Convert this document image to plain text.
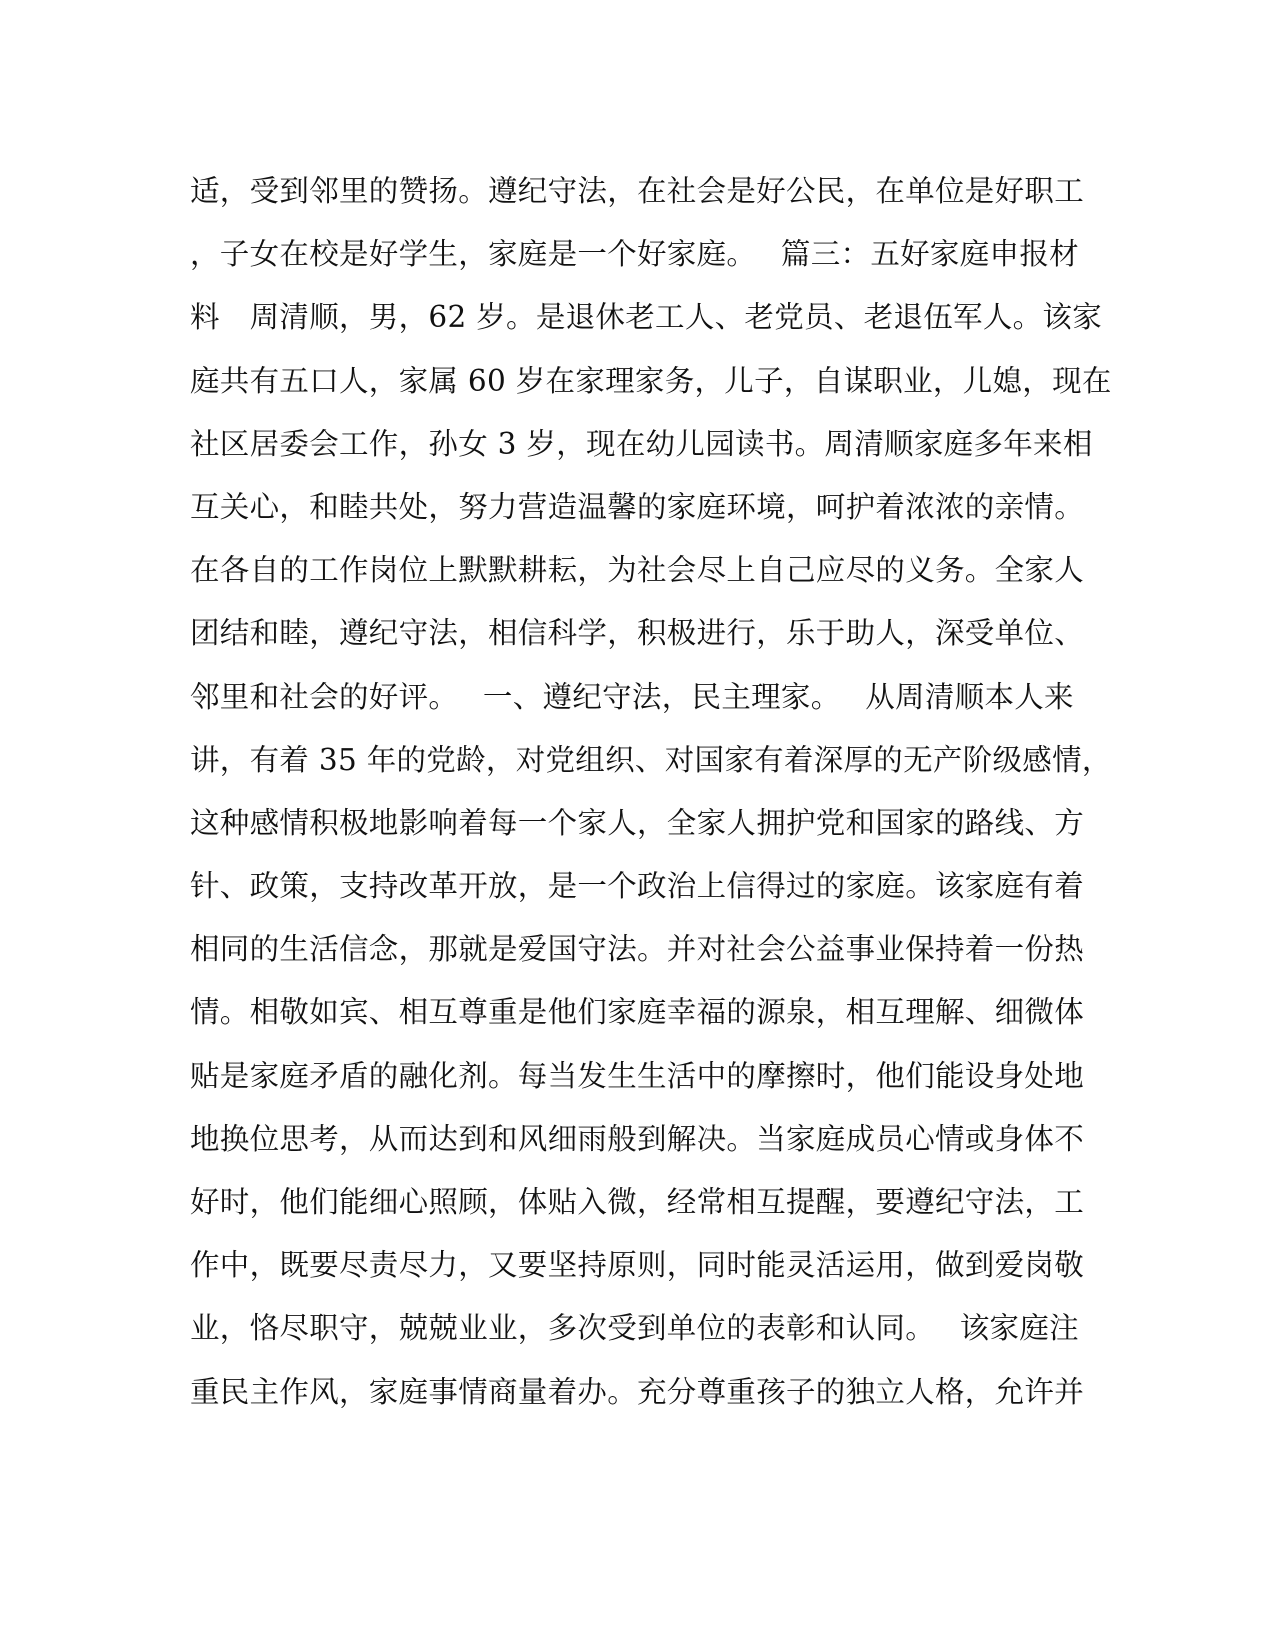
适，受到邻里的赞扬。遵纪守法，在社会是好公民，在单位是好职工
，子女在校是好学生，家庭是一个好家庭。　 篇三：五好家庭申报材
料　周清顺，男，62 岁。是退休老工人、老党员、老退伍军人。该家
庭共有五口人，家属 60 岁在家理家务，儿子，自谋职业，儿媳，现在
社区居委会工作，孙女 3 岁，现在幼儿园读书。周清顺家庭多年来相
互关心，和睦共处，努力营造温馨的家庭环境，呵护着浓浓的亲情。
在各自的工作岗位上默默耕耘，为社会尽上自己应尽的义务。全家人
团结和睦，遵纪守法，相信科学，积极进行，乐于助人，深受单位、
邻里和社会的好评。　 一、遵纪守法，民主理家。　 从周清顺本人来
讲，有着 35 年的党龄，对党组织、对国家有着深厚的无产阶级感情，
这种感情积极地影响着每一个家人，全家人拥护党和国家的路线、方
针、政策，支持改革开放，是一个政治上信得过的家庭。该家庭有着
相同的生活信念，那就是爱国守法。并对社会公益事业保持着一份热
情。相敬如宾、相互尊重是他们家庭幸福的源泉，相互理解、细微体
贴是家庭矛盾的融化剂。每当发生生活中的摩擦时，他们能设身处地
地换位思考，从而达到和风细雨般到解决。当家庭成员心情或身体不
好时，他们能细心照顾，体贴入微，经常相互提醒，要遵纪守法，工
作中，既要尽责尽力，又要坚持原则，同时能灵活运用，做到爱岗敬
业，恪尽职守，兢兢业业，多次受到单位的表彰和认同。　 该家庭注
重民主作风，家庭事情商量着办。充分尊重孩子的独立人格，允许并
